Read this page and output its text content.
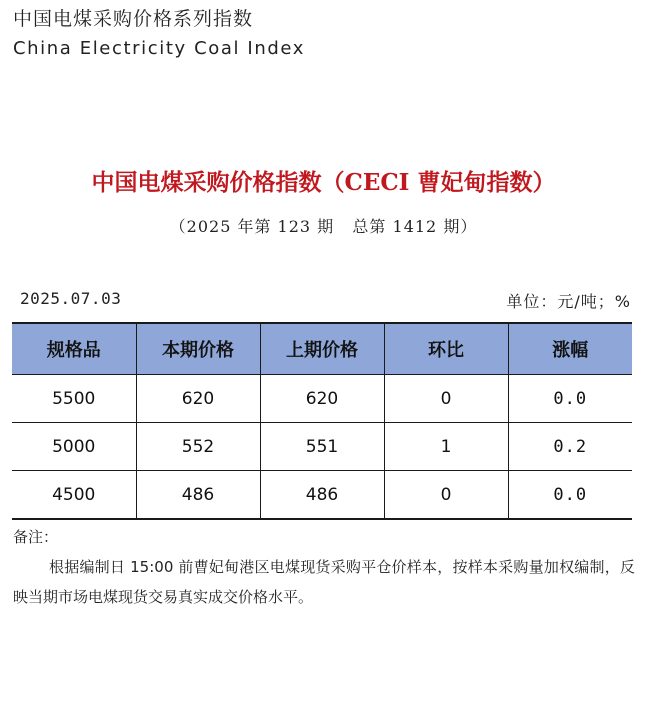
中国电煤采购价格系列指数
China Electricity Coal Index
中国电煤采购价格指数（CECI 曹妃甸指数）
（2025 年第 123 期   总第 1412 期）
2025.07.03	单位：元/吨；%
规格品	本期价格	上期价格	环比	涨幅
5500	620	620	0	0.0
5000	552	551	1	0.2
4500	486	486	0	0.0
备注：
根据编制日 15:00 前曹妃甸港区电煤现货采购平仓价样本，按样本采购量加权编制，反映当期市场电煤现货交易真实成交价格水平。
